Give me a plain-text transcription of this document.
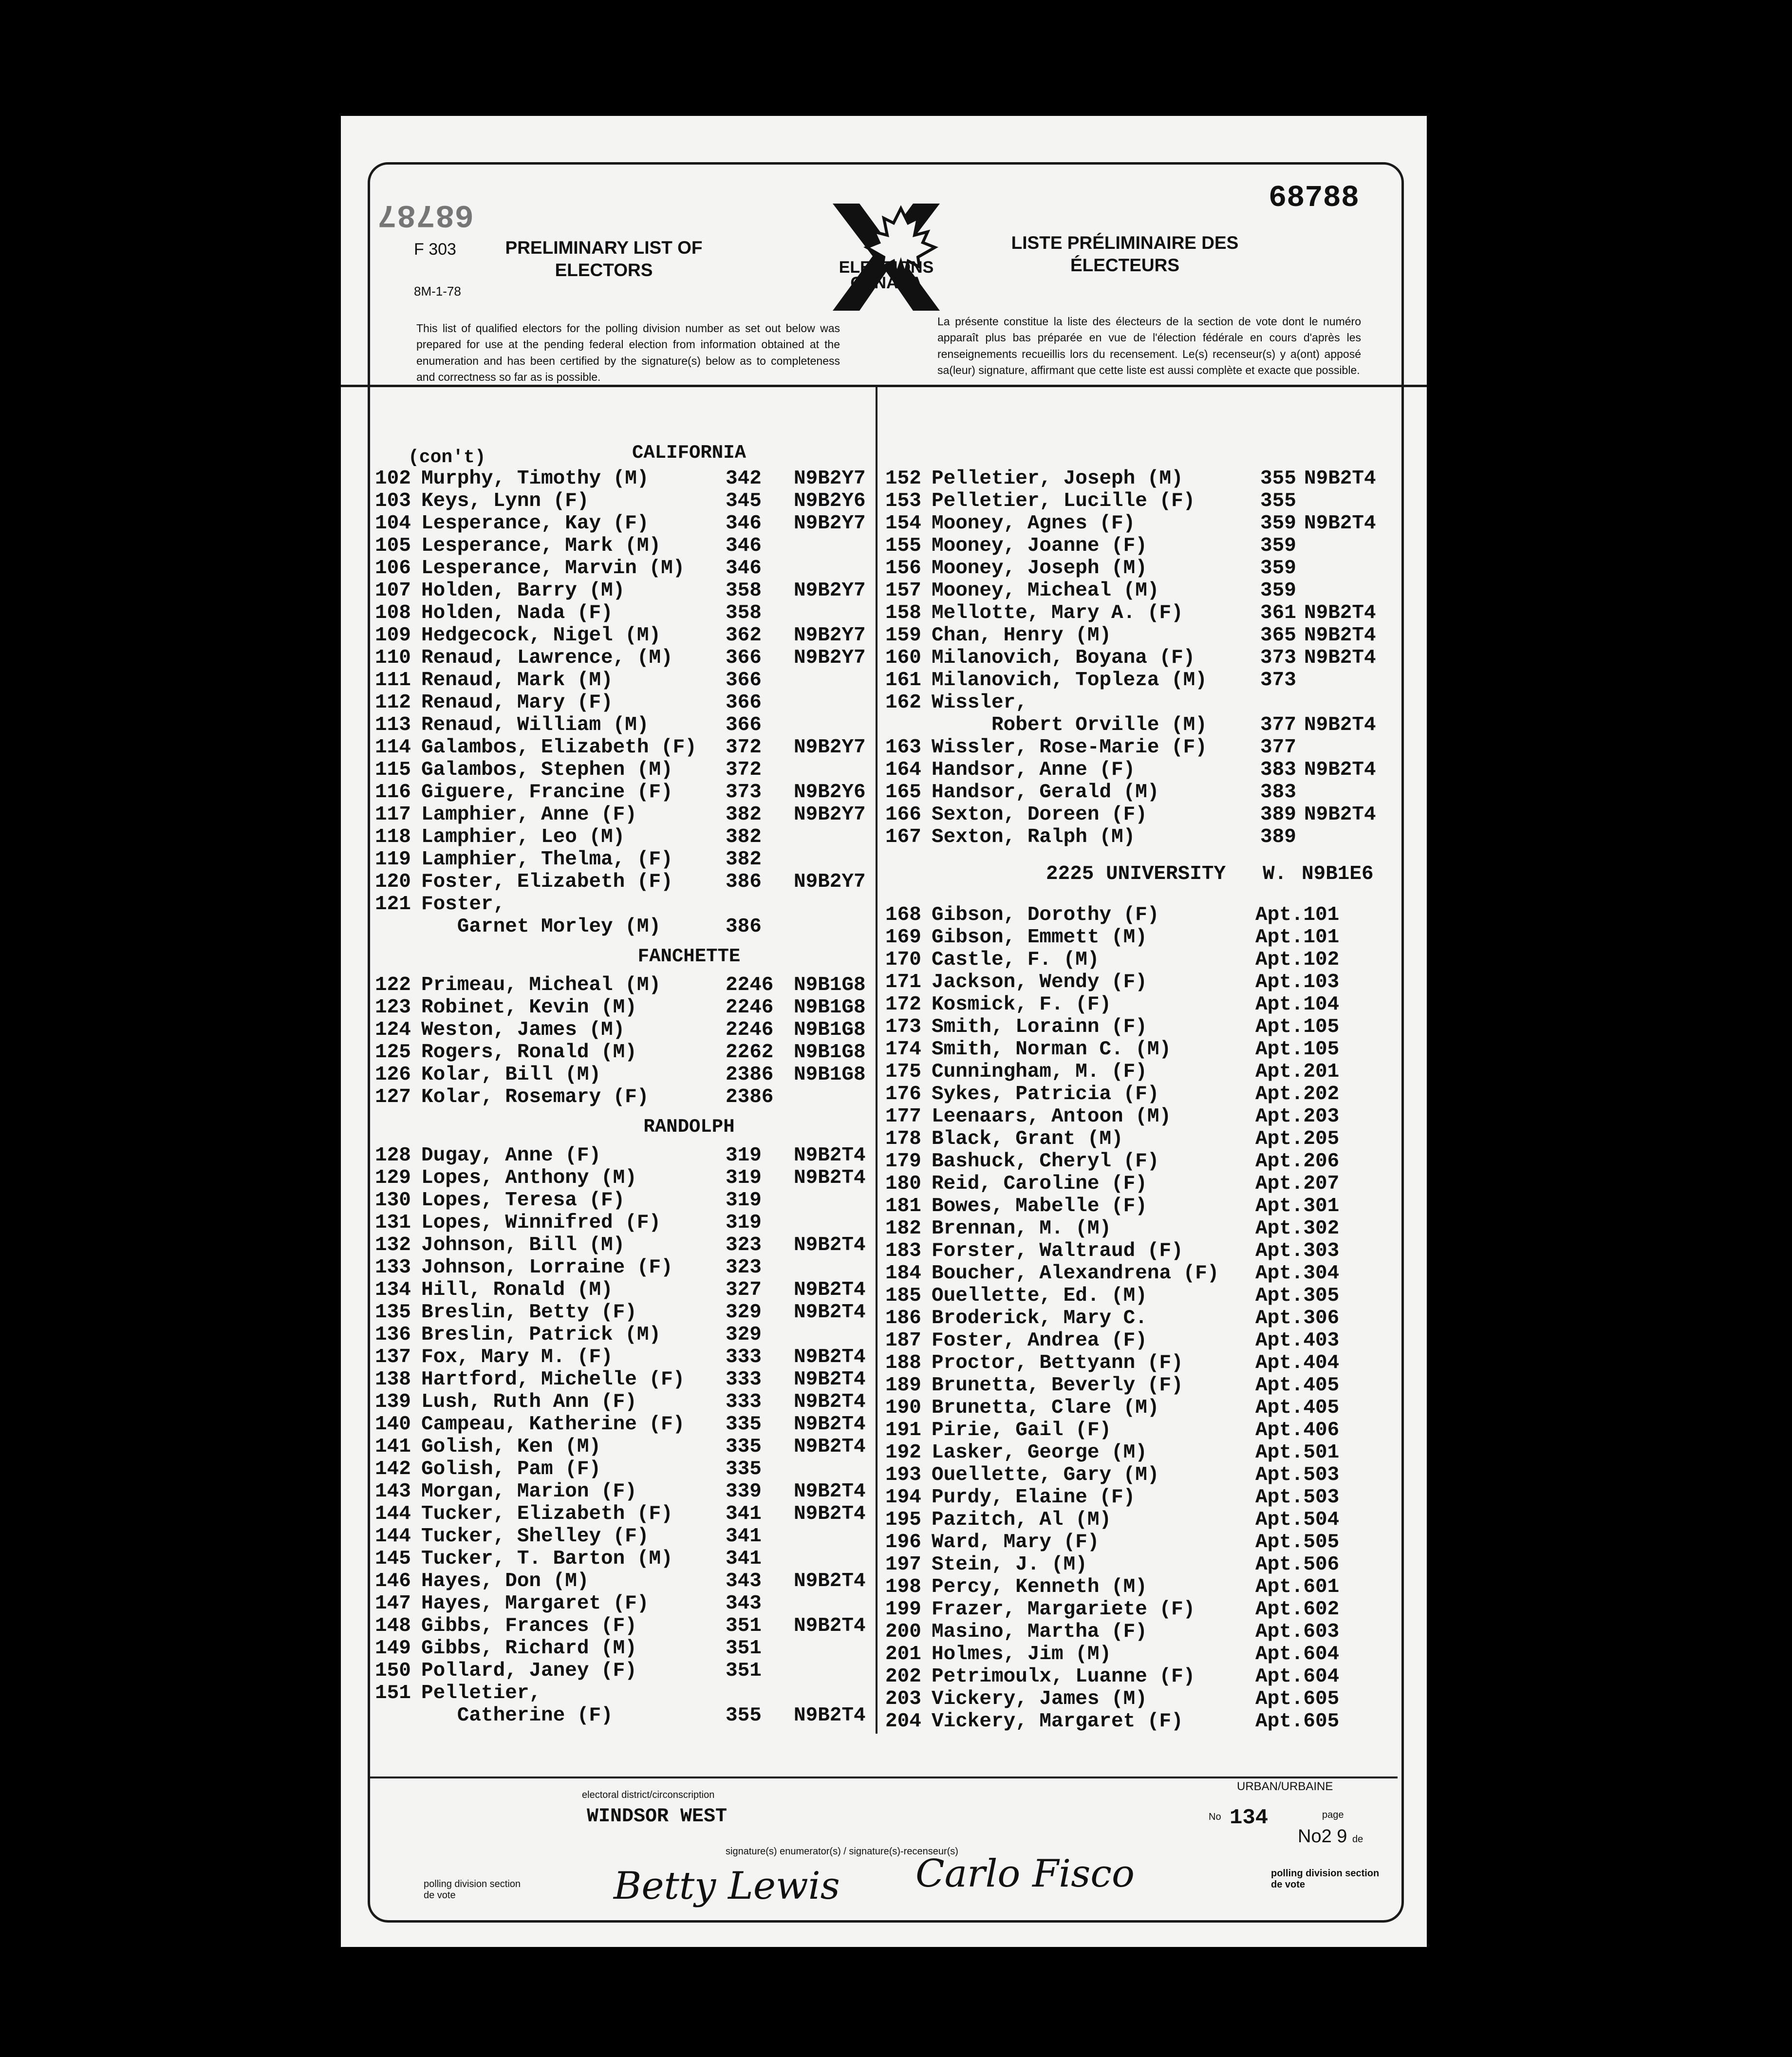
68787	68788
F 303
8M-1-78
PRELIMINARY LIST OF ELECTORS
LISTE PRÉLIMINAIRE DES ÉLECTEURS
ELECTIONS CANADA
This list of qualified electors for the polling division number as set out below was prepared for use at the pending federal election from information obtained at the enumeration and has been certified by the signature(s) below as to completeness and correctness so far as is possible.
La présente constitue la liste des électeurs de la section de vote dont le numéro apparaît plus bas préparée en vue de l'élection fédérale en cours d'après les renseignements recueillis lors du recensement. Le(s) recenseur(s) y a(ont) apposé sa(leur) signature, affirmant que cette liste est aussi complète et exacte que possible.
(con't)	CALIFORNIA
102 Murphy, Timothy (M)	342 N9B2Y7
103 Keys, Lynn (F)	345 N9B2Y6
104 Lesperance, Kay (F)	346 N9B2Y7
105 Lesperance, Mark (M)	346
106 Lesperance, Marvin (M) 346
107 Holden, Barry (M)	358 N9B2Y7
108 Holden, Nada (F)	358
109 Hedgecock, Nigel (M)	362 N9B2Y7
110 Renaud, Lawrence, (M)	366 N9B2Y7
111 Renaud, Mark (M)	366
112 Renaud, Mary (F)	366
113 Renaud, William (M)	366
114 Galambos, Elizabeth (F) 372 N9B2Y7
115 Galambos, Stephen (M)	372
116 Giguere, Francine (F)	373 N9B2Y6
117 Lamphier, Anne (F)	382 N9B2Y7
118 Lamphier, Leo (M)	382
119 Lamphier, Thelma, (F)	382
120 Foster, Elizabeth (F)	386 N9B2Y7
121 Foster,
Garnet Morley (M)	386
FANCHETTE
122 Primeau, Micheal (M)	2246 N9B1G8
123 Robinet, Kevin (M)	2246 N9B1G8
124 Weston, James (M)	2246 N9B1G8
125 Rogers, Ronald (M)	2262 N9B1G8
126 Kolar, Bill (M)	2386 N9B1G8
127 Kolar, Rosemary (F)	2386
RANDOLPH
128 Dugay, Anne (F)	319 N9B2T4
129 Lopes, Anthony (M)	319 N9B2T4
130 Lopes, Teresa (F)	319
131 Lopes, Winnifred (F)	319
132 Johnson, Bill (M)	323 N9B2T4
133 Johnson, Lorraine (F)	323
134 Hill, Ronald (M)	327 N9B2T4
135 Breslin, Betty (F)	329 N9B2T4
136 Breslin, Patrick (M)	329
137 Fox, Mary M. (F)	333 N9B2T4
138 Hartford, Michelle (F) 333 N9B2T4
139 Lush, Ruth Ann (F)	333 N9B2T4
140 Campeau, Katherine (F) 335 N9B2T4
141 Golish, Ken (M)	335 N9B2T4
142 Golish, Pam (F)	335
143 Morgan, Marion (F)	339 N9B2T4
144 Tucker, Elizabeth (F)	341 N9B2T4
144 Tucker, Shelley (F)	341
145 Tucker, T. Barton (M)	341
146 Hayes, Don (M)	343 N9B2T4
147 Hayes, Margaret (F)	343
148 Gibbs, Frances (F)	351 N9B2T4
149 Gibbs, Richard (M)	351
150 Pollard, Janey (F)	351
151 Pelletier,
Catherine (F)	355 N9B2T4
152 Pelletier, Joseph (M)	355 N9B2T4
153 Pelletier, Lucille (F)	355
154 Mooney, Agnes (F)	359 N9B2T4
155 Mooney, Joanne (F)	359
156 Mooney, Joseph (M)	359
157 Mooney, Micheal (M)	359
158 Mellotte, Mary A. (F)	361 N9B2T4
159 Chan, Henry (M)	365 N9B2T4
160 Milanovich, Boyana (F)	373 N9B2T4
161 Milanovich, Topleza (M)	373
162 Wissler,
Robert Orville (M)	377 N9B2T4
163 Wissler, Rose-Marie (F)	377
164 Handsor, Anne (F)	383 N9B2T4
165 Handsor, Gerald (M)	383
166 Sexton, Doreen (F)	389 N9B2T4
167 Sexton, Ralph (M)	389
2225 UNIVERSITY W. N9B1E6
168 Gibson, Dorothy (F)	Apt.101
169 Gibson, Emmett (M)	Apt.101
170 Castle, F. (M)	Apt.102
171 Jackson, Wendy (F)	Apt.103
172 Kosmick, F. (F)	Apt.104
173 Smith, Lorainn (F)	Apt.105
174 Smith, Norman C. (M)	Apt.105
175 Cunningham, M. (F)	Apt.201
176 Sykes, Patricia (F)	Apt.202
177 Leenaars, Antoon (M)	Apt.203
178 Black, Grant (M)	Apt.205
179 Bashuck, Cheryl (F)	Apt.206
180 Reid, Caroline (F)	Apt.207
181 Bowes, Mabelle (F)	Apt.301
182 Brennan, M. (M)	Apt.302
183 Forster, Waltraud (F)	Apt.303
184 Boucher, Alexandrena (F) Apt.304
185 Ouellette, Ed. (M)	Apt.305
186 Broderick, Mary C.	Apt.306
187 Foster, Andrea (F)	Apt.403
188 Proctor, Bettyann (F)	Apt.404
189 Brunetta, Beverly (F)	Apt.405
190 Brunetta, Clare (M)	Apt.405
191 Pirie, Gail (F)	Apt.406
192 Lasker, George (M)	Apt.501
193 Ouellette, Gary (M)	Apt.503
194 Purdy, Elaine (F)	Apt.503
195 Pazitch, Al (M)	Apt.504
196 Ward, Mary (F)	Apt.505
197 Stein, J. (M)	Apt.506
198 Percy, Kenneth (M)	Apt.601
199 Frazer, Margariete (F)	Apt.602
200 Masino, Martha (F)	Apt.603
201 Holmes, Jim (M)	Apt.604
202 Petrimoulx, Luanne (F)	Apt.604
203 Vickery, James (M)	Apt.605
204 Vickery, Margaret (F)	Apt.605
electoral district/circonscription
WINDSOR WEST
signature(s) enumerator(s) / signature(s)-recenseur(s)
URBAN/URBAINE
No 134	page
No2 9 de
polling division section de vote
polling division section de vote	Betty Lewis Carlo Fisco
